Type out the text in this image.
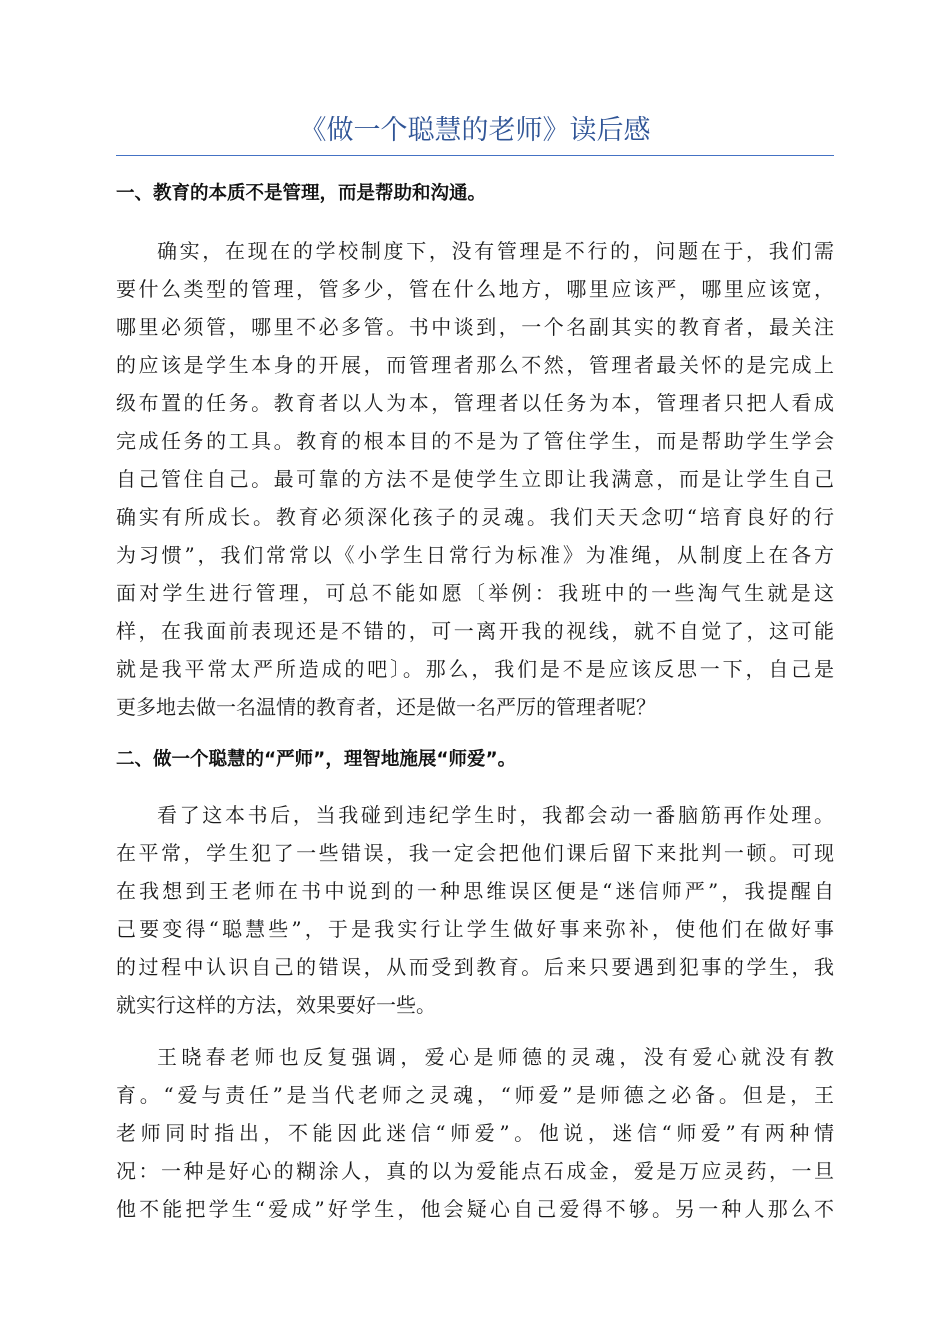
《做一个聪慧的老师》读后感
一、教育的本质不是管理，而是帮助和沟通。
确实，在现在的学校制度下，没有管理是不行的，问题在于，我们需
要什么类型的管理，管多少，管在什么地方，哪里应该严，哪里应该宽，
哪里必须管，哪里不必多管。书中谈到，一个名副其实的教育者，最关注
的应该是学生本身的开展，而管理者那么不然，管理者最关怀的是完成上
级布置的任务。教育者以人为本，管理者以任务为本，管理者只把人看成
完成任务的工具。教育的根本目的不是为了管住学生，而是帮助学生学会
自己管住自己。最可靠的方法不是使学生立即让我满意，而是让学生自己
确实有所成长。教育必须深化孩子的灵魂。我们天天念叨“培育良好的行
为习惯”，我们常常以《小学生日常行为标准》为准绳，从制度上在各方
面对学生进行管理，可总不能如愿〔举例：我班中的一些淘气生就是这
样，在我面前表现还是不错的，可一离开我的视线，就不自觉了，这可能
就是我平常太严所造成的吧〕。那么，我们是不是应该反思一下，自己是
更多地去做一名温情的教育者，还是做一名严厉的管理者呢？
二、做一个聪慧的“严师”，理智地施展“师爱”。
看了这本书后，当我碰到违纪学生时，我都会动一番脑筋再作处理。
在平常，学生犯了一些错误，我一定会把他们课后留下来批判一顿。可现
在我想到王老师在书中说到的一种思维误区便是“迷信师严”，我提醒自
己要变得“聪慧些”，于是我实行让学生做好事来弥补，使他们在做好事
的过程中认识自己的错误，从而受到教育。后来只要遇到犯事的学生，我
就实行这样的方法，效果要好一些。
王晓春老师也反复强调，爱心是师德的灵魂，没有爱心就没有教
育。“爱与责任”是当代老师之灵魂，“师爱”是师德之必备。但是，王
老师同时指出，不能因此迷信“师爱”。他说，迷信“师爱”有两种情
况：一种是好心的糊涂人，真的以为爱能点石成金，爱是万应灵药，一旦
他不能把学生“爱成”好学生，他会疑心自己爱得不够。另一种人那么不
